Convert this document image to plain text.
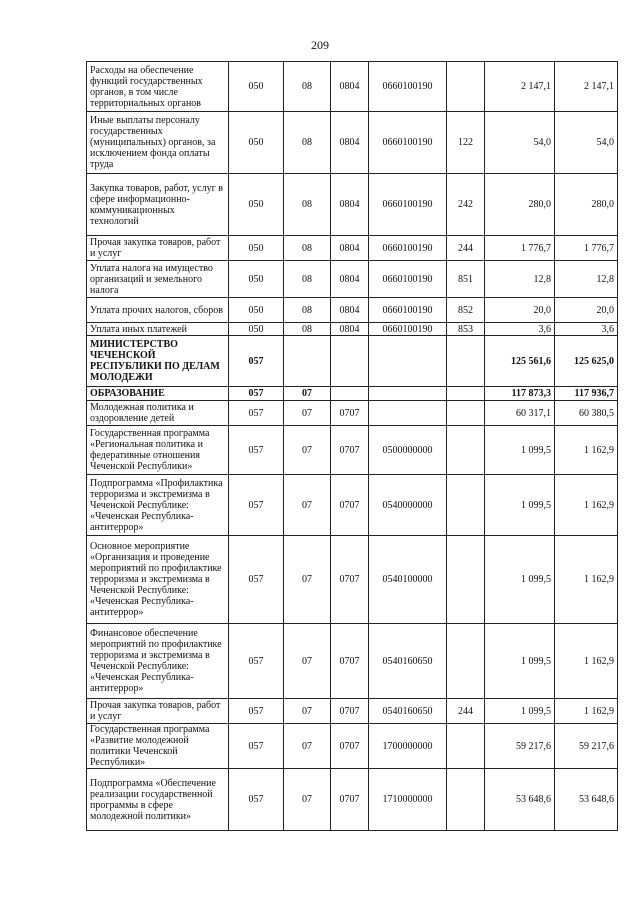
209
Расходы на обеспечение функций государственных органов, в том числе территориальных органов	050	08	0804	0660100190		2 147,1	2 147,1
Иные выплаты персоналу государственных (муниципальных) органов, за исключением фонда оплаты труда	050	08	0804	0660100190	122	54,0	54,0
Закупка товаров, работ, услуг в сфере информационно-коммуникационных технологий	050	08	0804	0660100190	242	280,0	280,0
Прочая закупка товаров, работ и услуг	050	08	0804	0660100190	244	1 776,7	1 776,7
Уплата налога на имущество организаций и земельного налога	050	08	0804	0660100190	851	12,8	12,8
Уплата прочих налогов, сборов	050	08	0804	0660100190	852	20,0	20,0
Уплата иных платежей	050	08	0804	0660100190	853	3,6	3,6
МИНИСТЕРСТВО ЧЕЧЕНСКОЙ РЕСПУБЛИКИ ПО ДЕЛАМ МОЛОДЕЖИ	057					125 561,6	125 625,0
ОБРАЗОВАНИЕ	057	07				117 873,3	117 936,7
Молодежная политика и оздоровление детей	057	07	0707			60 317,1	60 380,5
Государственная программа «Региональная политика и федеративные отношения Чеченской Республики»	057	07	0707	0500000000		1 099,5	1 162,9
Подпрограмма «Профилактика терроризма и экстремизма в Чеченской Республике: «Чеченская Республика-антитеррор»	057	07	0707	0540000000		1 099,5	1 162,9
Основное мероприятие «Организация и проведение мероприятий по профилактике терроризма и экстремизма в Чеченской Республике: «Чеченская Республика-антитеррор»	057	07	0707	0540100000		1 099,5	1 162,9
Финансовое обеспечение мероприятий по профилактике терроризма и экстремизма в Чеченской Республике: «Чеченская Республика-антитеррор»	057	07	0707	0540160650		1 099,5	1 162,9
Прочая закупка товаров, работ и услуг	057	07	0707	0540160650	244	1 099,5	1 162,9
Государственная программа «Развитие молодежной политики Чеченской Республики»	057	07	0707	1700000000		59 217,6	59 217,6
Подпрограмма «Обеспечение реализации государственной программы в сфере молодежной политики»	057	07	0707	1710000000		53 648,6	53 648,6
